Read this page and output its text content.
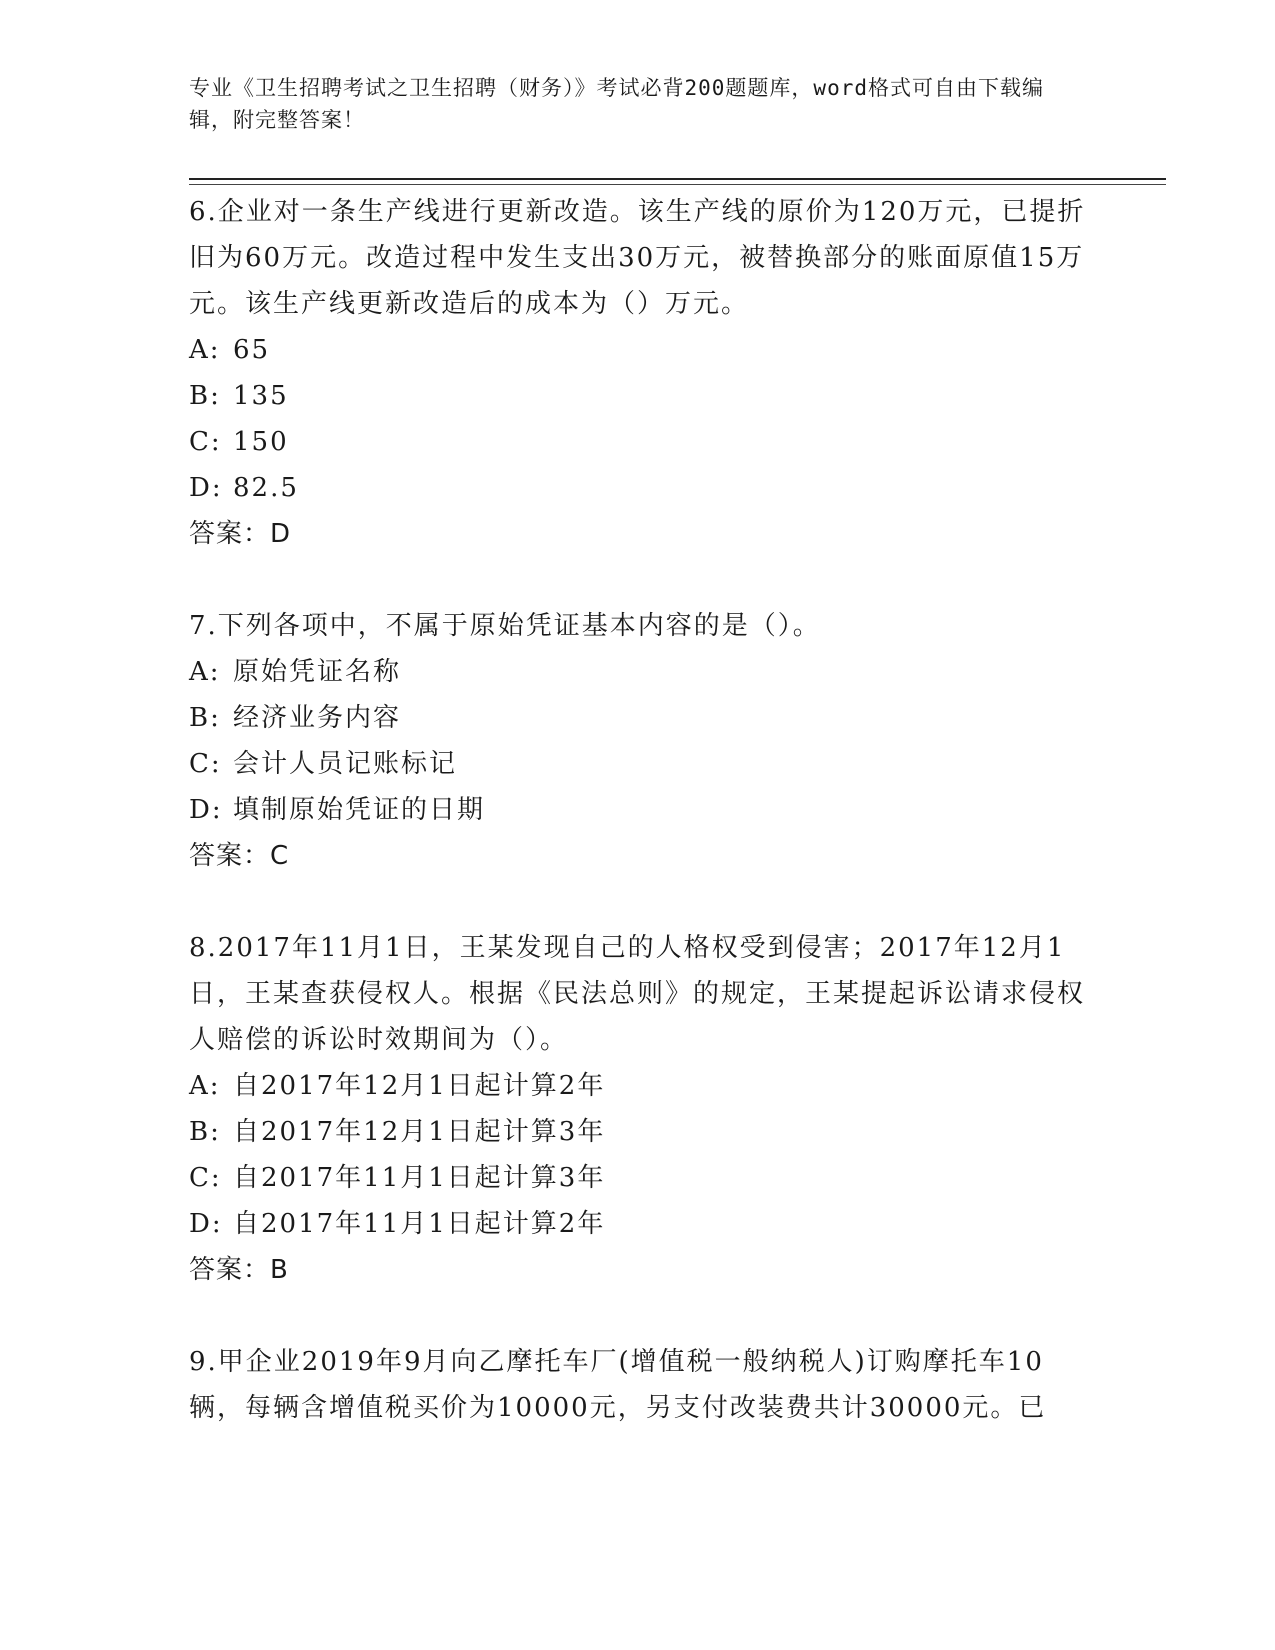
专业《卫生招聘考试之卫生招聘（财务）》考试必背200题题库，word格式可自由下载编辑，附完整答案！

6.企业对一条生产线进行更新改造。该生产线的原价为120万元，已提折旧为60万元。改造过程中发生支出30万元，被替换部分的账面原值15万元。该生产线更新改造后的成本为（）万元。

A: 65

B: 135

C: 150

D: 82.5

答案：D

7.下列各项中，不属于原始凭证基本内容的是（）。

A: 原始凭证名称

B: 经济业务内容

C: 会计人员记账标记

D: 填制原始凭证的日期

答案：C

8.2017年11月1日，王某发现自己的人格权受到侵害；2017年12月1日，王某查获侵权人。根据《民法总则》的规定，王某提起诉讼请求侵权人赔偿的诉讼时效期间为（）。

A: 自2017年12月1日起计算2年

B: 自2017年12月1日起计算3年

C: 自2017年11月1日起计算3年

D: 自2017年11月1日起计算2年

答案：B

9.甲企业2019年9月向乙摩托车厂(增值税一般纳税人)订购摩托车10辆，每辆含增值税买价为10000元，另支付改装费共计30000元。已
